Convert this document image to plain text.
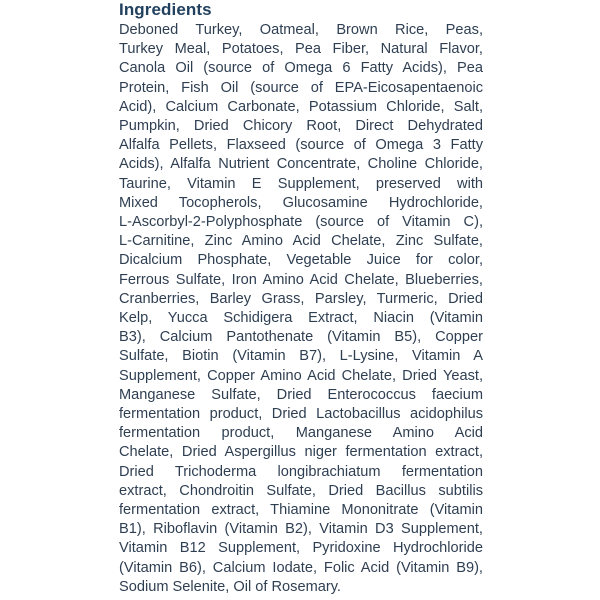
Ingredients
Deboned Turkey, Oatmeal, Brown Rice, Peas,
Turkey Meal, Potatoes, Pea Fiber, Natural Flavor,
Canola Oil (source of Omega 6 Fatty Acids), Pea
Protein, Fish Oil (source of EPA-Eicosapentaenoic
Acid), Calcium Carbonate, Potassium Chloride, Salt,
Pumpkin, Dried Chicory Root, Direct Dehydrated
Alfalfa Pellets, Flaxseed (source of Omega 3 Fatty
Acids), Alfalfa Nutrient Concentrate, Choline Chloride,
Taurine, Vitamin E Supplement, preserved with
Mixed Tocopherols, Glucosamine Hydrochloride,
L-Ascorbyl-2-Polyphosphate (source of Vitamin C),
L-Carnitine, Zinc Amino Acid Chelate, Zinc Sulfate,
Dicalcium Phosphate, Vegetable Juice for color,
Ferrous Sulfate, Iron Amino Acid Chelate, Blueberries,
Cranberries, Barley Grass, Parsley, Turmeric, Dried
Kelp, Yucca Schidigera Extract, Niacin (Vitamin
B3), Calcium Pantothenate (Vitamin B5), Copper
Sulfate, Biotin (Vitamin B7), L-Lysine, Vitamin A
Supplement, Copper Amino Acid Chelate, Dried Yeast,
Manganese Sulfate, Dried Enterococcus faecium
fermentation product, Dried Lactobacillus acidophilus
fermentation product, Manganese Amino Acid
Chelate, Dried Aspergillus niger fermentation extract,
Dried Trichoderma longibrachiatum fermentation
extract, Chondroitin Sulfate, Dried Bacillus subtilis
fermentation extract, Thiamine Mononitrate (Vitamin
B1), Riboflavin (Vitamin B2), Vitamin D3 Supplement,
Vitamin B12 Supplement, Pyridoxine Hydrochloride
(Vitamin B6), Calcium Iodate, Folic Acid (Vitamin B9),
Sodium Selenite, Oil of Rosemary.
